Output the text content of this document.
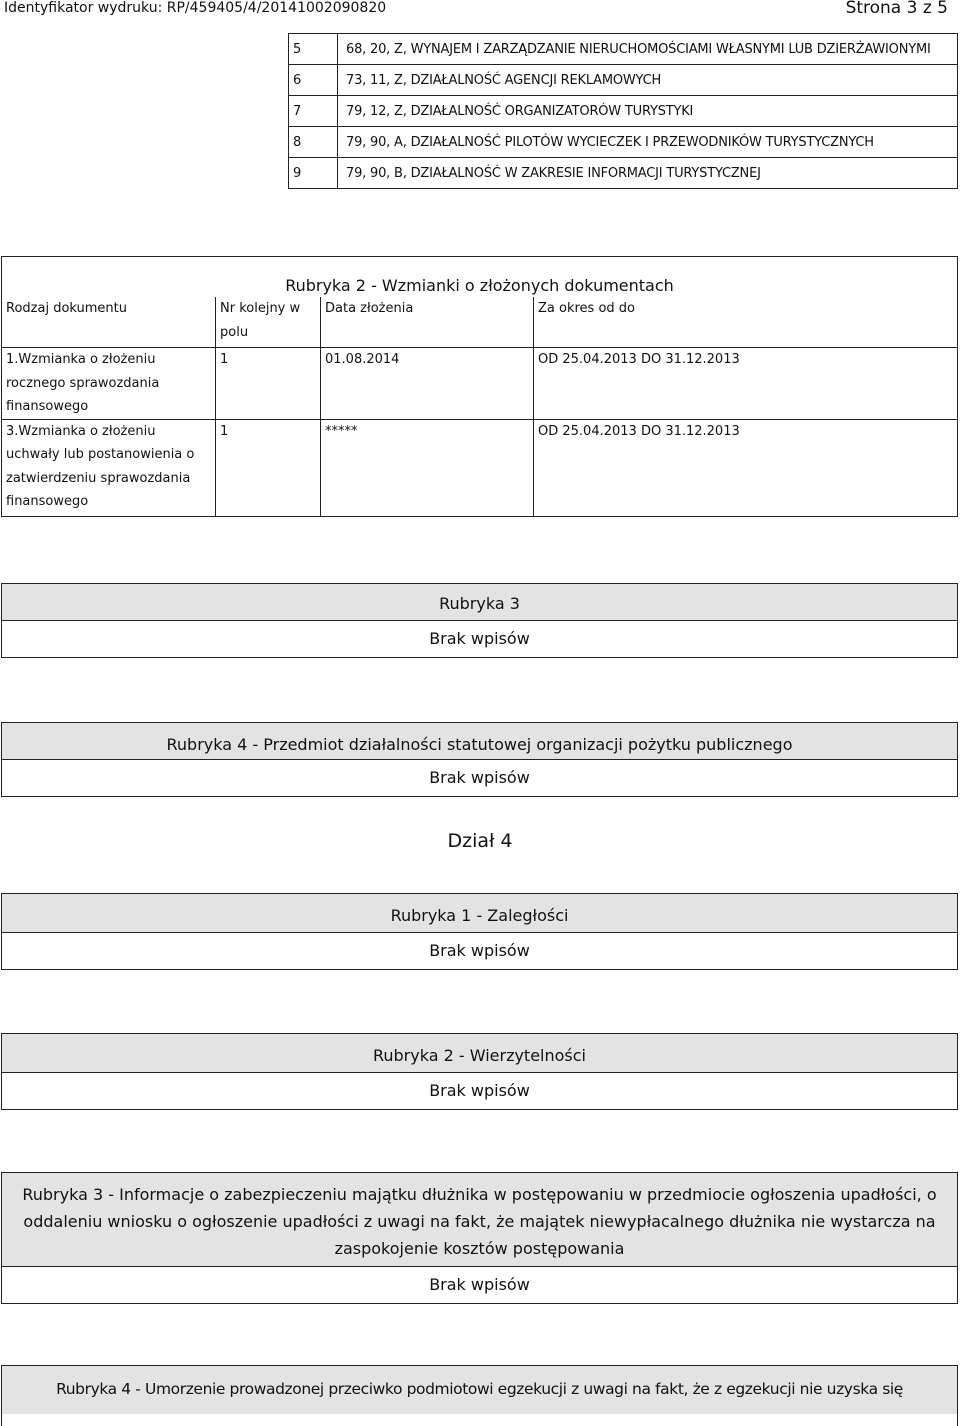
Identyfikator wydruku: RP/459405/4/20141002090820	Strona 3 z 5
5	68, 20, Z, WYNAJEM I ZARZĄDZANIE NIERUCHOMOŚCIAMI WŁASNYMI LUB DZIERŻAWIONYMI
6	73, 11, Z, DZIAŁALNOŚĆ AGENCJI REKLAMOWYCH
7	79, 12, Z, DZIAŁALNOŚĆ ORGANIZATORÓW TURYSTYKI
8	79, 90, A, DZIAŁALNOŚĆ PILOTÓW WYCIECZEK I PRZEWODNIKÓW TURYSTYCZNYCH
9	79, 90, B, DZIAŁALNOŚĆ W ZAKRESIE INFORMACJI TURYSTYCZNEJ
Rubryka 2 - Wzmianki o złożonych dokumentach			
Rodzaj dokumentu	Nr kolejny w polu	Data złożenia	Za okres od do
1.Wzmianka o złożeniu rocznego sprawozdania finansowego	1	01.08.2014	OD 25.04.2013 DO 31.12.2013
3.Wzmianka o złożeniu uchwały lub postanowienia o zatwierdzeniu sprawozdania finansowego	1	*****	OD 25.04.2013 DO 31.12.2013
Rubryka 3
Brak wpisów
Rubryka 4 - Przedmiot działalności statutowej organizacji pożytku publicznego
Brak wpisów
Dział 4
Rubryka 1 - Zaległości
Brak wpisów
Rubryka 2 - Wierzytelności
Brak wpisów
Rubryka 3 - Informacje o zabezpieczeniu majątku dłużnika w postępowaniu w przedmiocie ogłoszenia upadłości, o oddaleniu wniosku o ogłoszenie upadłości z uwagi na fakt, że majątek niewypłacalnego dłużnika nie wystarcza na zaspokojenie kosztów postępowania
Brak wpisów
Rubryka 4 - Umorzenie prowadzonej przeciwko podmiotowi egzekucji z uwagi na fakt, że z egzekucji nie uzyska się
